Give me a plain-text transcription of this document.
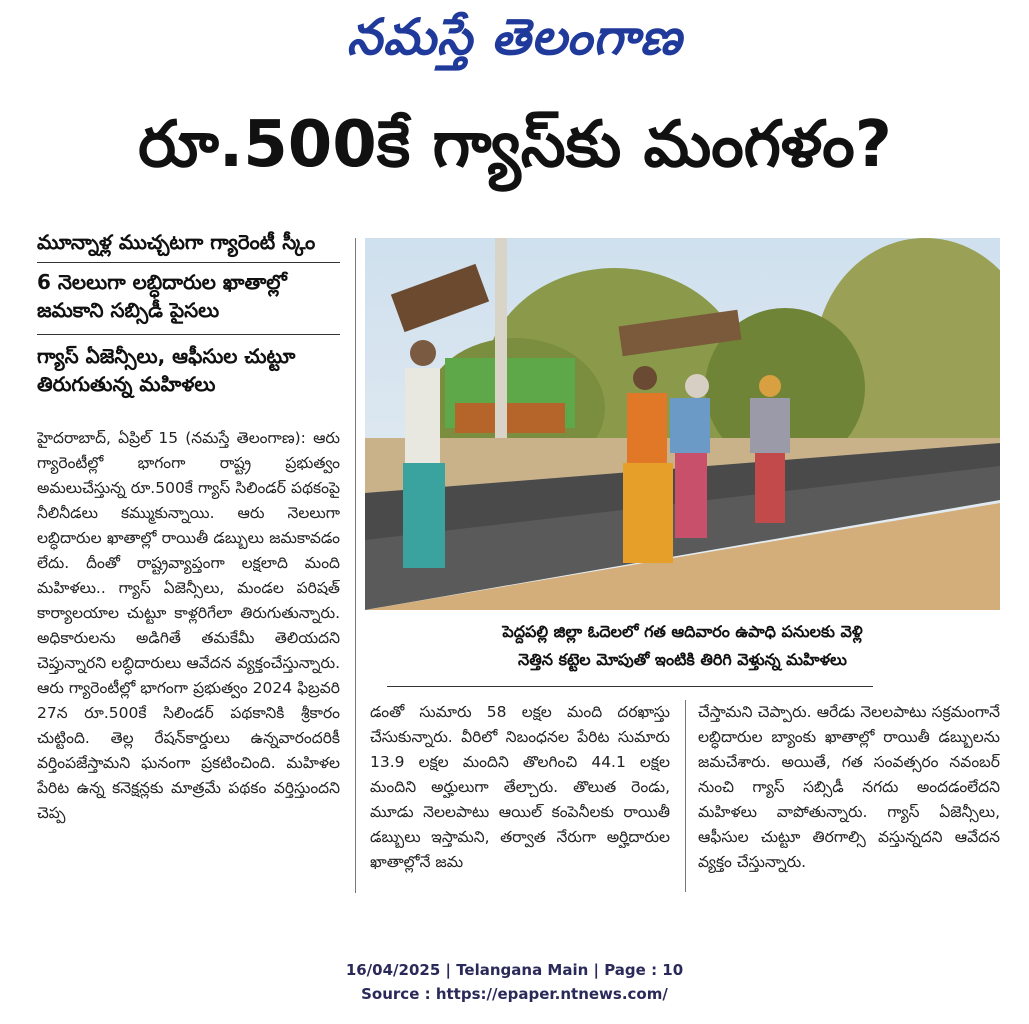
నమస్తే తెలంగాణ
రూ.500కే గ్యాస్‌కు మంగళం?
మూన్నాళ్ల ముచ్చటగా గ్యారెంటీ స్కీం
6 నెలలుగా లబ్ధిదారుల ఖాతాల్లో జమకాని సబ్సిడీ పైసలు
గ్యాస్ ఏజెన్సీలు, ఆఫీసుల చుట్టూ తిరుగుతున్న మహిళలు
హైదరాబాద్, ఏప్రిల్ 15 (నమస్తే తెలంగాణ): ఆరు గ్యారెంటీల్లో భాగంగా రాష్ట్ర ప్రభుత్వం అమలుచేస్తున్న రూ.500కే గ్యాస్ సిలిండర్ పథకంపై నీలినీడలు కమ్ముకున్నాయి. ఆరు నెలలుగా లబ్ధిదారుల ఖాతాల్లో రాయితీ డబ్బులు జమకావడం లేదు. దీంతో రాష్ట్రవ్యాప్తంగా లక్షలాది మంది మహిళలు.. గ్యాస్ ఏజెన్సీలు, మండల పరిషత్ కార్యాలయాల చుట్టూ కాళ్లరిగేలా తిరుగుతున్నారు. అధికారులను అడిగితే తమకేమీ తెలియదని చెప్తున్నారని లబ్ధిదారులు ఆవేదన వ్యక్తంచేస్తున్నారు. ఆరు గ్యారెంటీల్లో భాగంగా ప్రభుత్వం 2024 ఫిబ్రవరి 27న రూ.500కే సిలిండర్ పథకానికి శ్రీకారం చుట్టింది. తెల్ల రేషన్‌కార్డులు ఉన్నవారందరికీ వర్తింపజేస్తామని ఘనంగా ప్రకటించింది. మహిళల పేరిట ఉన్న కనెక్షన్లకు మాత్రమే పథకం వర్తిస్తుందని చెప్ప
పెద్దపల్లి జిల్లా ఓదెలలో గత ఆదివారం ఉపాధి పనులకు వెళ్లి
నెత్తిన కట్టెల మోపుతో ఇంటికి తిరిగి వెళ్తున్న మహిళలు
డంతో సుమారు 58 లక్షల మంది దరఖాస్తు చేసుకున్నారు. వీరిలో నిబంధనల పేరిట సుమారు 13.9 లక్షల మందిని తొలగించి 44.1 లక్షల మందిని అర్హులుగా తేల్చారు. తొలుత రెండు, మూడు నెలలపాటు ఆయిల్ కంపెనీలకు రాయితీ డబ్బులు ఇస్తామని, తర్వాత నేరుగా అర్హిదారుల ఖాతాల్లోనే జమ
చేస్తామని చెప్పారు. ఆరేడు నెలలపాటు సక్రమంగానే లబ్ధిదారుల బ్యాంకు ఖాతాల్లో రాయితీ డబ్బులను జమచేశారు. అయితే, గత సంవత్సరం నవంబర్ నుంచి గ్యాస్ సబ్సిడీ నగదు అందడంలేదని మహిళలు వాపోతున్నారు. గ్యాస్ ఏజెన్సీలు, ఆఫీసుల చుట్టూ తిరగాల్సి వస్తున్నదని ఆవేదన వ్యక్తం చేస్తున్నారు.
16/04/2025 | Telangana Main | Page : 10
Source : https://epaper.ntnews.com/
